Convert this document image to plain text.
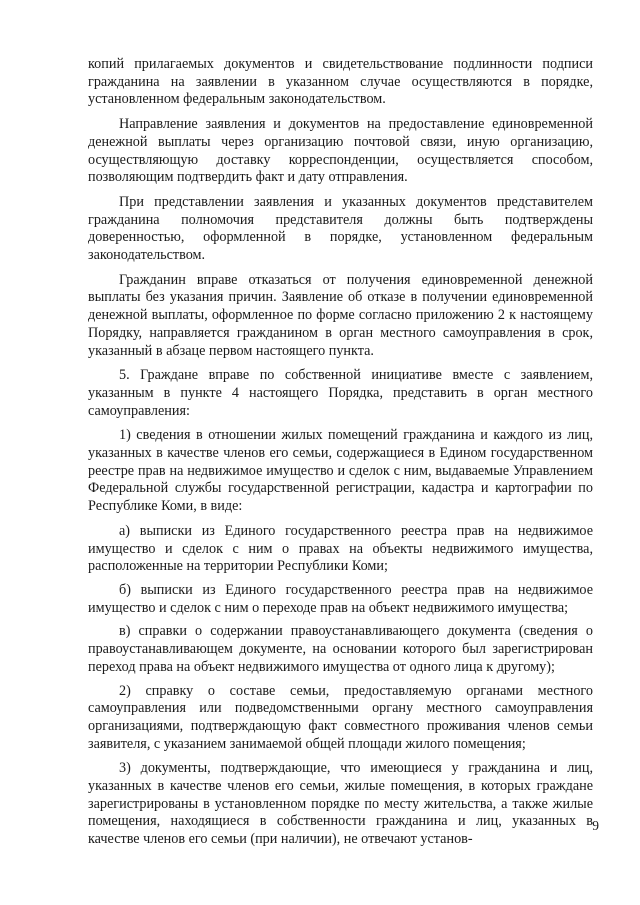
копий прилагаемых документов и свидетельствование подлинности подписи гражданина на заявлении в указанном случае осуществляются в порядке, установленном федеральным законодательством.

Направление заявления и документов на предоставление единовременной денежной выплаты через организацию почтовой связи, иную организацию, осуществляющую доставку корреспонденции, осуществляется способом, позволяющим подтвердить факт и дату отправления.

При представлении заявления и указанных документов представителем гражданина полномочия представителя должны быть подтверждены доверенностью, оформленной в порядке, установленном федеральным законодательством.

Гражданин вправе отказаться от получения единовременной денежной выплаты без указания причин. Заявление об отказе в получении единовременной денежной выплаты, оформленное по форме согласно приложению 2 к настоящему Порядку, направляется гражданином в орган местного самоуправления в срок, указанный в абзаце первом настоящего пункта.

5. Граждане вправе по собственной инициативе вместе с заявлением, указанным в пункте 4 настоящего Порядка, представить в орган местного самоуправления:

1) сведения в отношении жилых помещений гражданина и каждого из лиц, указанных в качестве членов его семьи, содержащиеся в Едином государственном реестре прав на недвижимое имущество и сделок с ним, выдаваемые Управлением Федеральной службы государственной регистрации, кадастра и картографии по Республике Коми, в виде:

а) выписки из Единого государственного реестра прав на недвижимое имущество и сделок с ним о правах на объекты недвижимого имущества, расположенные на территории Республики Коми;

б) выписки из Единого государственного реестра прав на недвижимое имущество и сделок с ним о переходе прав на объект недвижимого имущества;

в) справки о содержании правоустанавливающего документа (сведения о правоустанавливающем документе, на основании которого был зарегистрирован переход права на объект недвижимого имущества от одного лица к другому);

2) справку о составе семьи, предоставляемую органами местного самоуправления или подведомственными органу местного самоуправления организациями, подтверждающую факт совместного проживания членов семьи заявителя, с указанием занимаемой общей площади жилого помещения;

3) документы, подтверждающие, что имеющиеся у гражданина и лиц, указанных в качестве членов его семьи, жилые помещения, в которых граждане зарегистрированы в установленном порядке по месту жительства, а также жилые помещения, находящиеся в собственности гражданина и лиц, указанных в качестве членов его семьи (при наличии), не отвечают установ-

9
